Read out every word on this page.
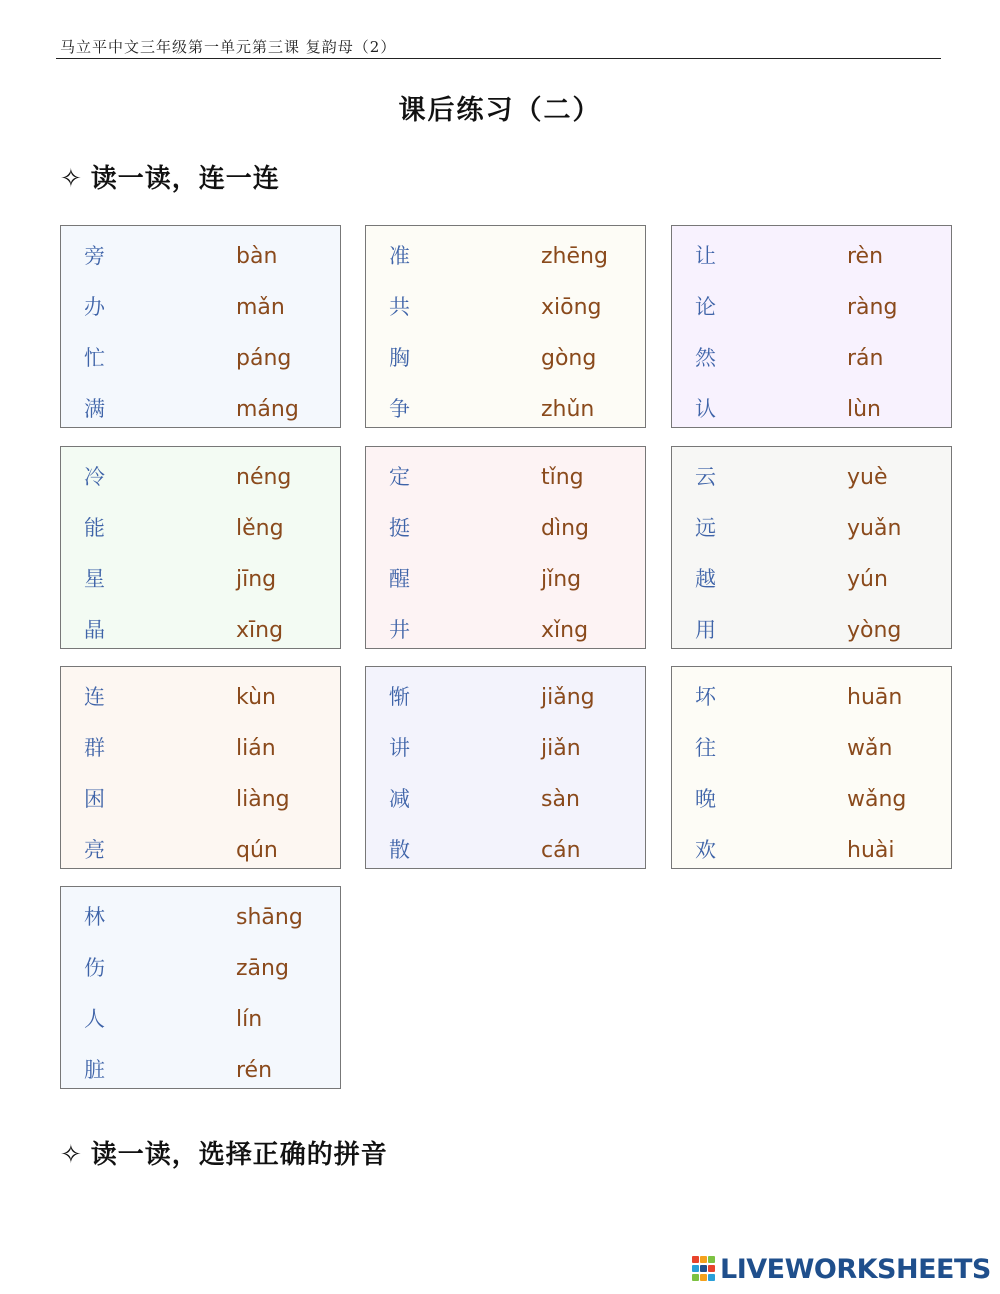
马立平中文三年级第一单元第三课 复韵母（2）
课后练习（二）
✧ 读一读，连一连
旁	bàn
办	mǎn
忙	páng
满	máng
准	zhēng
共	xiōng
胸	gòng
争	zhǔn
让	rèn
论	ràng
然	rán
认	lùn
冷	néng
能	lěng
星	jīng
晶	xīng
定	tǐng
挺	dìng
醒	jǐng
井	xǐng
云	yuè
远	yuǎn
越	yún
用	yòng
连	kùn
群	lián
困	liàng
亮	qún
惭	jiǎng
讲	jiǎn
减	sàn
散	cán
坏	huān
往	wǎn
晚	wǎng
欢	huài
林	shāng
伤	zāng
人	lín
脏	rén
✧ 读一读，选择正确的拼音
LIVEWORKSHEETS
